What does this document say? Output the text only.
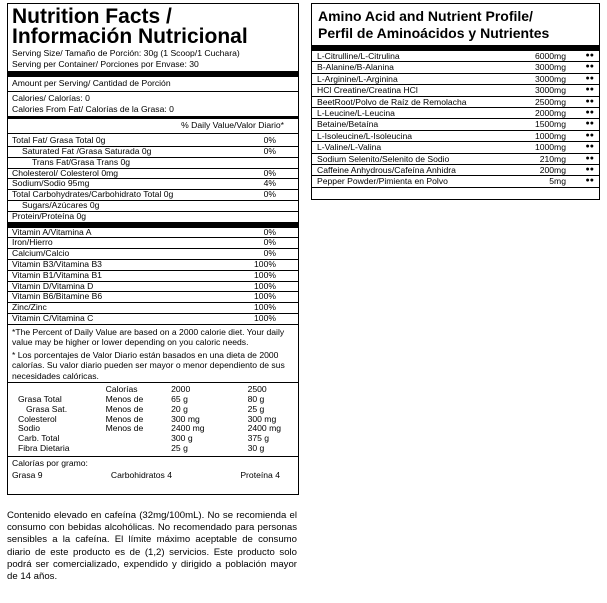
Nutrition Facts /
Información Nutricional
Serving Size/ Tamaño de Porción: 30g (1 Scoop/1 Cuchara)
Serving per Container/ Porciones por Envase: 30
Amount per Serving/ Cantidad de Porción
Calories/ Calorías: 0
Calories From Fat/ Calorías de la Grasa: 0
% Daily Value/Valor Diario*
Total Fat/ Grasa Total 0g	0%
Saturated Fat /Grasa Saturada 0g	0%
Trans Fat/Grasa Trans 0g
Cholesterol/ Colesterol 0mg	0%
Sodium/Sodio 95mg	4%
Total Carbohydrates/Carbohidrato Total 0g	0%
Sugars/Azúcares 0g
Protein/Proteína 0g
Vitamin A/Vitamina A	0%
Iron/Hierro	0%
Calcium/Calcio	0%
Vitamin B3/Vitamina B3	100%
Vitamin B1/Vitamina B1	100%
Vitamin D/Vitamina D	100%
Vitamin B6/Bitamine B6	100%
Zinc/Zinc	100%
Vitamin C/Vitamina C	100%
*The Percent of Daily Value are based on a 2000 calorie diet. Your daily value may be higher or lower depending on you caloric needs.
* Los porcentajes de Valor Diario están basados en una dieta de 2000 calorías. Su valor diario pueden ser mayor o menor dependiento de sus necesidades calóricas.
	Calorías	2000	2500
Grasa Total	Menos de	65 g	80 g
Grasa Sat.	Menos de	20 g	25 g
Colesterol	Menos de	300 mg	300 mg
Sodio	Menos de	2400 mg	2400 mg
Carb. Total		300 g	375 g
Fibra Dietaria		25 g	30 g
Calorías por gramo:
Grasa 9	Carbohidratos 4	Proteína 4
Amino Acid and Nutrient Profile/
Perfil de Aminoácidos y Nutrientes
L-Citrulline/L-Citrulina	6000mg	●●
B-Alanine/B-Alanina	3000mg	●●
L-Arginine/L-Arginina	3000mg	●●
HCl Creatine/Creatina HCl	3000mg	●●
BeetRoot/Polvo de Raíz de Remolacha	2500mg	●●
L-Leucine/L-Leucina	2000mg	●●
Betaine/Betaína	1500mg	●●
L-Isoleucine/L-Isoleucina	1000mg	●●
L-Valine/L-Valina	1000mg	●●
Sodium Selenito/Selenito de Sodio	210mg	●●
Caffeine Anhydrous/Cafeína Anhidra	200mg	●●
Pepper Powder/Pimienta en Polvo	5mg	●●
Contenido elevado en cafeína (32mg/100mL). No se recomienda el consumo con bebidas alcohólicas. No recomendado para personas sensibles a la cafeína. El límite máximo aceptable de consumo diario de este producto es de (1,2) servicios. Este producto solo podrá ser comercializado, expendido y dirigido a población mayor de 14 años.
